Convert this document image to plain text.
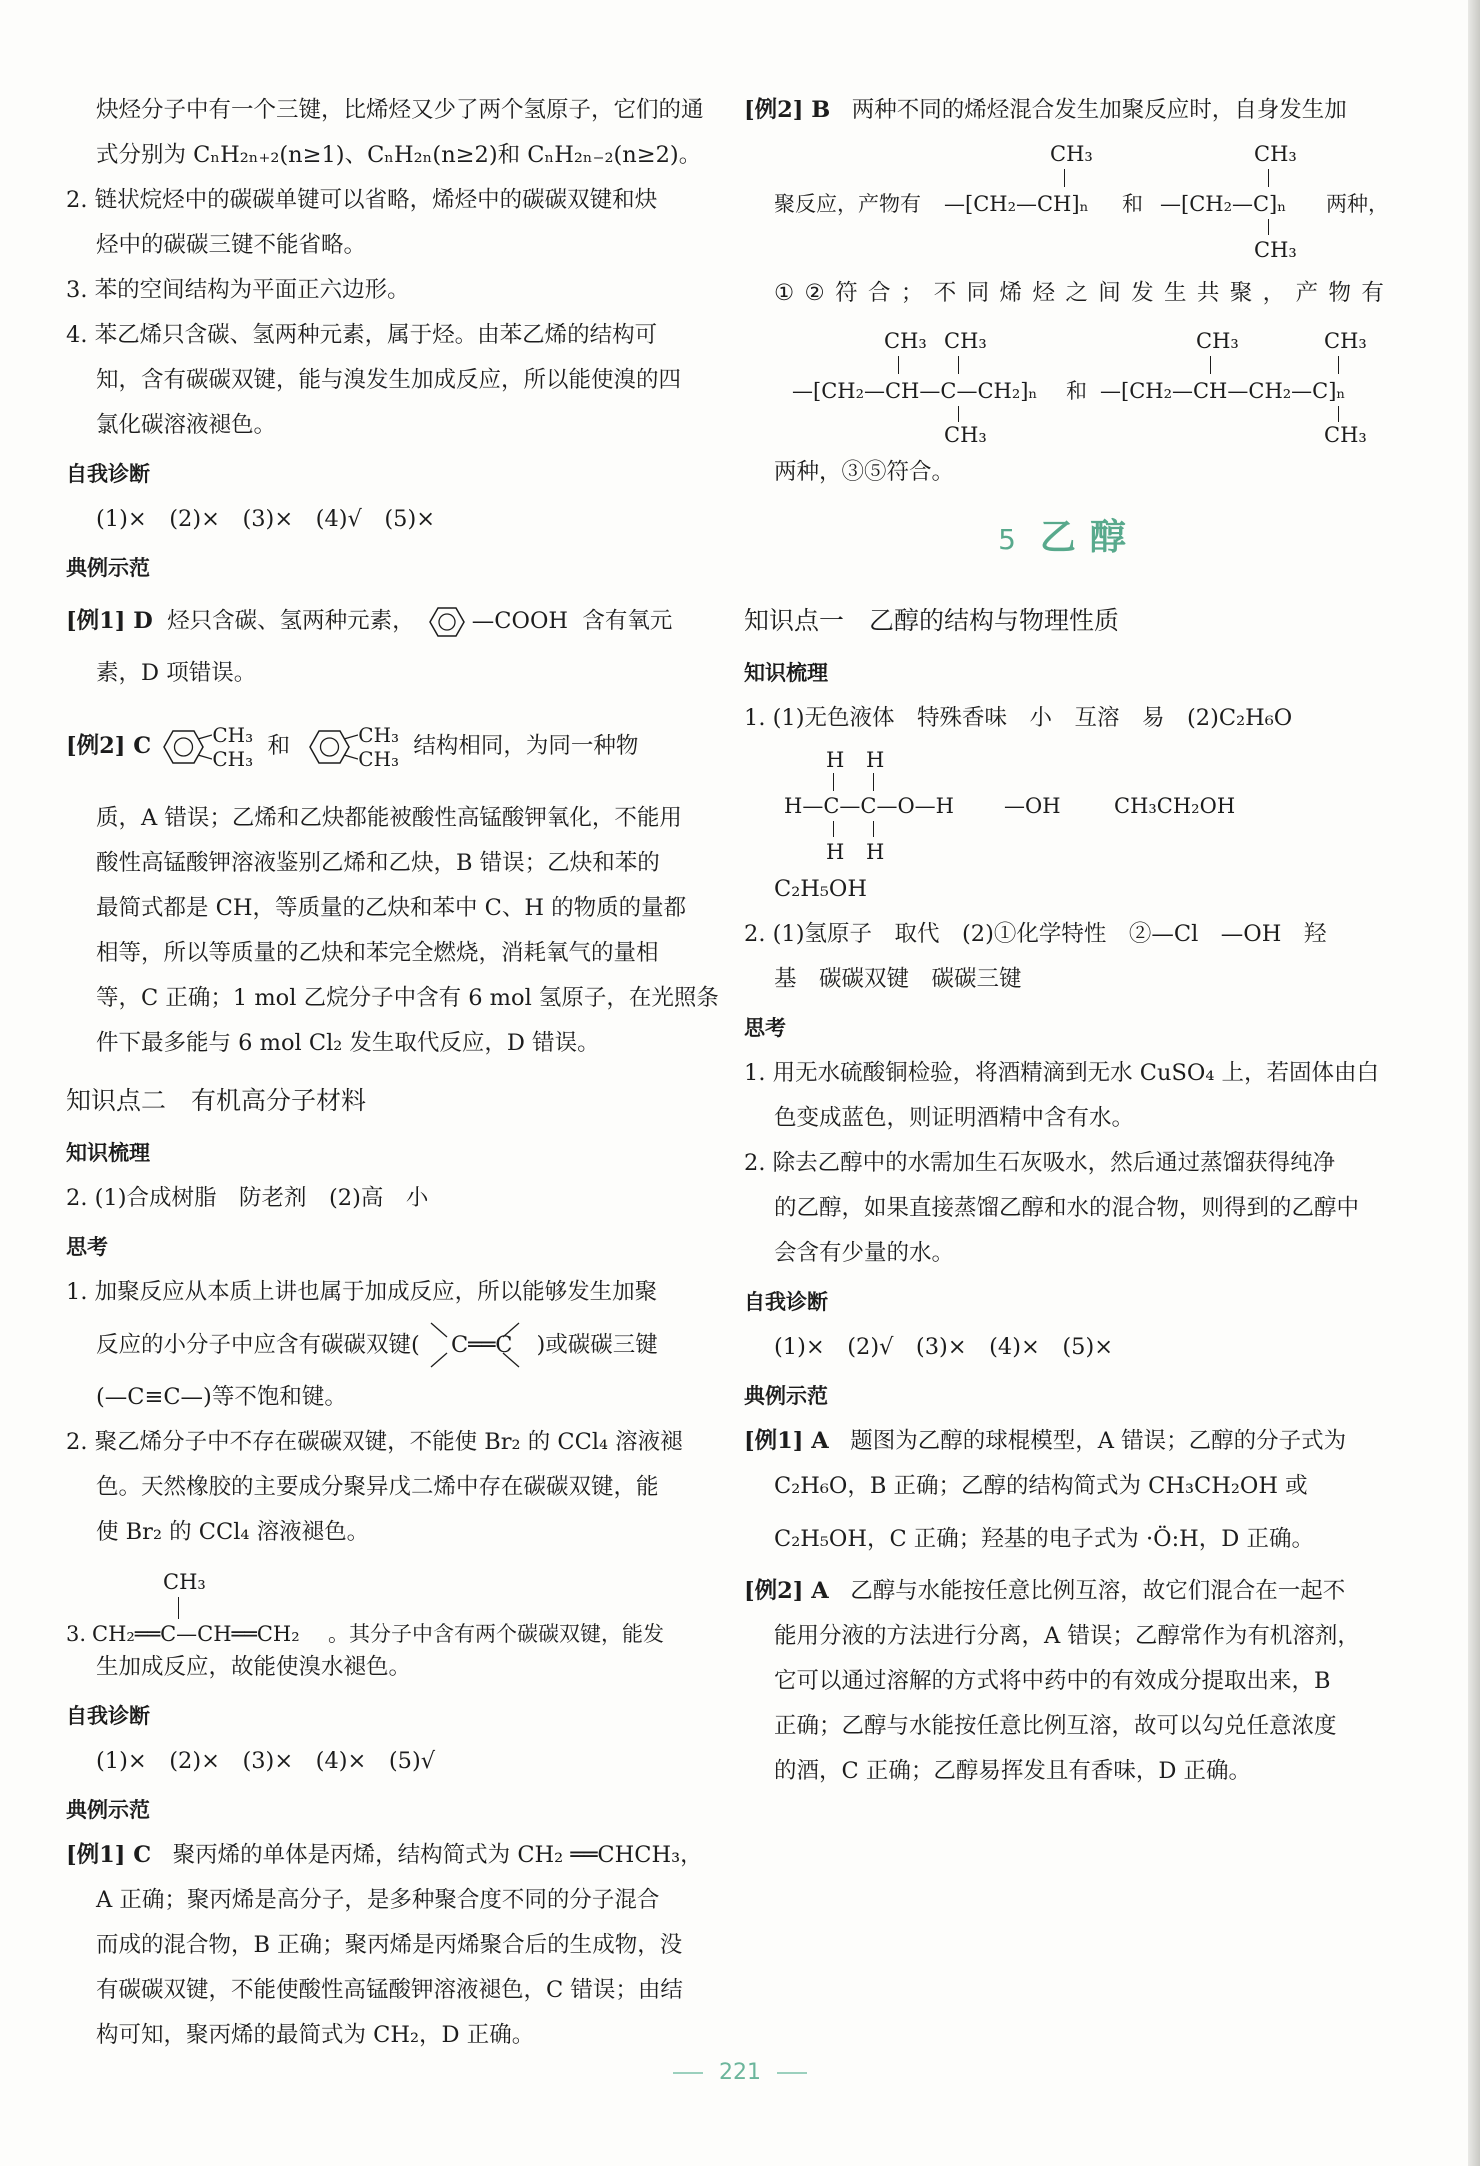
炔烃分子中有一个三键，比烯烃又少了两个氢原子，它们的通
式分别为 CₙH₂ₙ₊₂(n≥1)、CₙH₂ₙ(n≥2)和 CₙH₂ₙ₋₂(n≥2)。
2. 链状烷烃中的碳碳单键可以省略，烯烃中的碳碳双键和炔
烃中的碳碳三键不能省略。
3. 苯的空间结构为平面正六边形。
4. 苯乙烯只含碳、氢两种元素，属于烃。由苯乙烯的结构可
知，含有碳碳双键，能与溴发生加成反应，所以能使溴的四
氯化碳溶液褪色。
自我诊断
(1)×　(2)×　(3)×　(4)√　(5)×
典例示范
[例1] D 烃只含碳、氢两种元素，	—COOH 含有氧元
素，D 项错误。
[例2] C	CH₃
CH₃ 和	CH₃
CH₃ 结构相同，为同一种物
质，A 错误；乙烯和乙炔都能被酸性高锰酸钾氧化，不能用
酸性高锰酸钾溶液鉴别乙烯和乙炔，B 错误；乙炔和苯的
最简式都是 CH，等质量的乙炔和苯中 C、H 的物质的量都
相等，所以等质量的乙炔和苯完全燃烧，消耗氧气的量相
等，C 正确；1 mol 乙烷分子中含有 6 mol 氢原子，在光照条
件下最多能与 6 mol Cl₂ 发生取代反应，D 错误。
知识点二　有机高分子材料
知识梳理
2. (1)合成树脂　防老剂　(2)高　小
思考
1. 加聚反应从本质上讲也属于加成反应，所以能够发生加聚
反应的小分子中应含有碳碳双键( C══C )或碳碳三键
(—C≡C—)等不饱和键。
2. 聚乙烯分子中不存在碳碳双键，不能使 Br₂ 的 CCl₄ 溶液褪
色。天然橡胶的主要成分聚异戊二烯中存在碳碳双键，能
使 Br₂ 的 CCl₄ 溶液褪色。
CH₃
3. CH₂══C—CH══CH₂ 。其分子中含有两个碳碳双键，能发
生加成反应，故能使溴水褪色。
自我诊断
(1)×　(2)×　(3)×　(4)×　(5)√
典例示范
[例1] C 聚丙烯的单体是丙烯，结构简式为 CH₂ ══CHCH₃，
A 正确；聚丙烯是高分子，是多种聚合度不同的分子混合
而成的混合物，B 正确；聚丙烯是丙烯聚合后的生成物，没
有碳碳双键，不能使酸性高锰酸钾溶液褪色，C 错误；由结
构可知，聚丙烯的最简式为 CH₂，D 正确。
[例2] B 两种不同的烯烃混合发生加聚反应时，自身发生加
CH₃
聚反应，产物有 —[CH₂—CH]ₙ 和
CH₃
—[CH₂—C]ₙ
CH₃
两种，
① ② 符 合 ； 不 同 烯 烃 之 间 发 生 共 聚 ， 产 物 有
CH₃ CH₃
—[CH₂—CH—C—CH₂]ₙ
CH₃
和
CH₃	CH₃
—[CH₂—CH—CH₂—C]ₙ
CH₃
两种，③⑤符合。
5 乙醇
知识点一　乙醇的结构与物理性质
知识梳理
1. (1)无色液体　特殊香味　小　互溶　易　(2)C₂H₆O
H H
H—C—C—O—H
H H
—OH	CH₃CH₂OH
C₂H₅OH
2. (1)氢原子　取代　(2)①化学特性　②—Cl　—OH　羟
基　碳碳双键　碳碳三键
思考
1. 用无水硫酸铜检验，将酒精滴到无水 CuSO₄ 上，若固体由白
色变成蓝色，则证明酒精中含有水。
2. 除去乙醇中的水需加生石灰吸水，然后通过蒸馏获得纯净
的乙醇，如果直接蒸馏乙醇和水的混合物，则得到的乙醇中
会含有少量的水。
自我诊断
(1)×　(2)√　(3)×　(4)×　(5)×
典例示范
[例1] A 题图为乙醇的球棍模型，A 错误；乙醇的分子式为
C₂H₆O，B 正确；乙醇的结构简式为 CH₃CH₂OH 或
C₂H₅OH，C 正确；羟基的电子式为 ·Ö:H，D 正确。
[例2] A 乙醇与水能按任意比例互溶，故它们混合在一起不
能用分液的方法进行分离，A 错误；乙醇常作为有机溶剂，
它可以通过溶解的方式将中药中的有效成分提取出来，B
正确；乙醇与水能按任意比例互溶，故可以勾兑任意浓度
的酒，C 正确；乙醇易挥发且有香味，D 正确。
221
